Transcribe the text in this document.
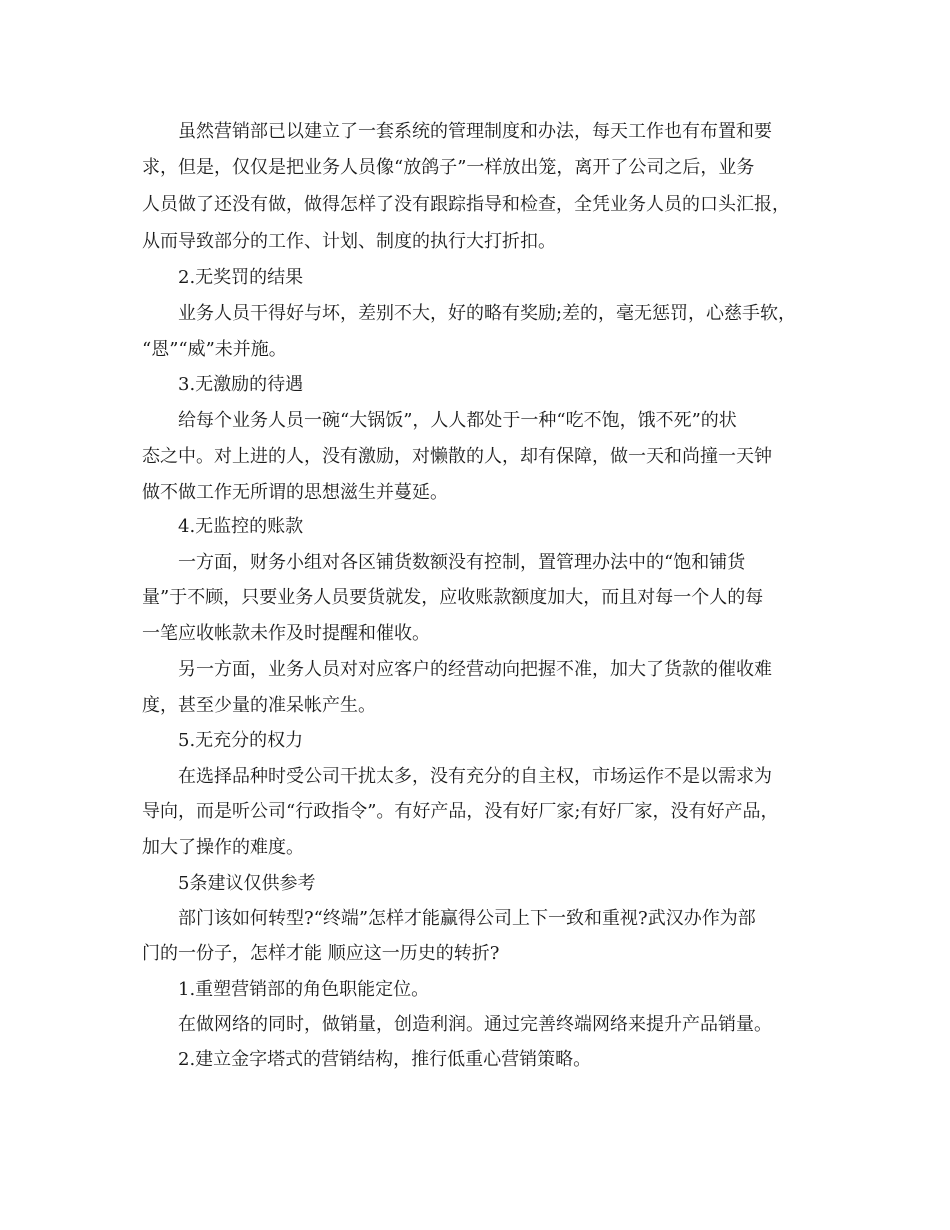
虽然营销部已以建立了一套系统的管理制度和办法，每天工作也有布置和要
求，但是，仅仅是把业务人员像“放鸽子”一样放出笼，离开了公司之后，业务
人员做了还没有做，做得怎样了没有跟踪指导和检查，全凭业务人员的口头汇报，
从而导致部分的工作、计划、制度的执行大打折扣。
2.无奖罚的结果
业务人员干得好与坏，差别不大，好的略有奖励;差的，毫无惩罚，心慈手软，
“恩”“威”未并施。
3.无激励的待遇
给每个业务人员一碗“大锅饭”，人人都处于一种“吃不饱，饿不死”的状
态之中。对上进的人，没有激励，对懒散的人，却有保障，做一天和尚撞一天钟
做不做工作无所谓的思想滋生并蔓延。
4.无监控的账款
一方面，财务小组对各区铺货数额没有控制，置管理办法中的“饱和铺货
量”于不顾，只要业务人员要货就发，应收账款额度加大，而且对每一个人的每
一笔应收帐款未作及时提醒和催收。
另一方面，业务人员对对应客户的经营动向把握不准，加大了货款的催收难
度，甚至少量的准呆帐产生。
5.无充分的权力
在选择品种时受公司干扰太多，没有充分的自主权，市场运作不是以需求为
导向，而是听公司“行政指令”。有好产品，没有好厂家;有好厂家，没有好产品，
加大了操作的难度。
5条建议仅供参考
部门该如何转型?“终端”怎样才能赢得公司上下一致和重视?武汉办作为部
门的一份子，怎样才能 顺应这一历史的转折?
1.重塑营销部的角色职能定位。
在做网络的同时，做销量，创造利润。通过完善终端网络来提升产品销量。
2.建立金字塔式的营销结构，推行低重心营销策略。
